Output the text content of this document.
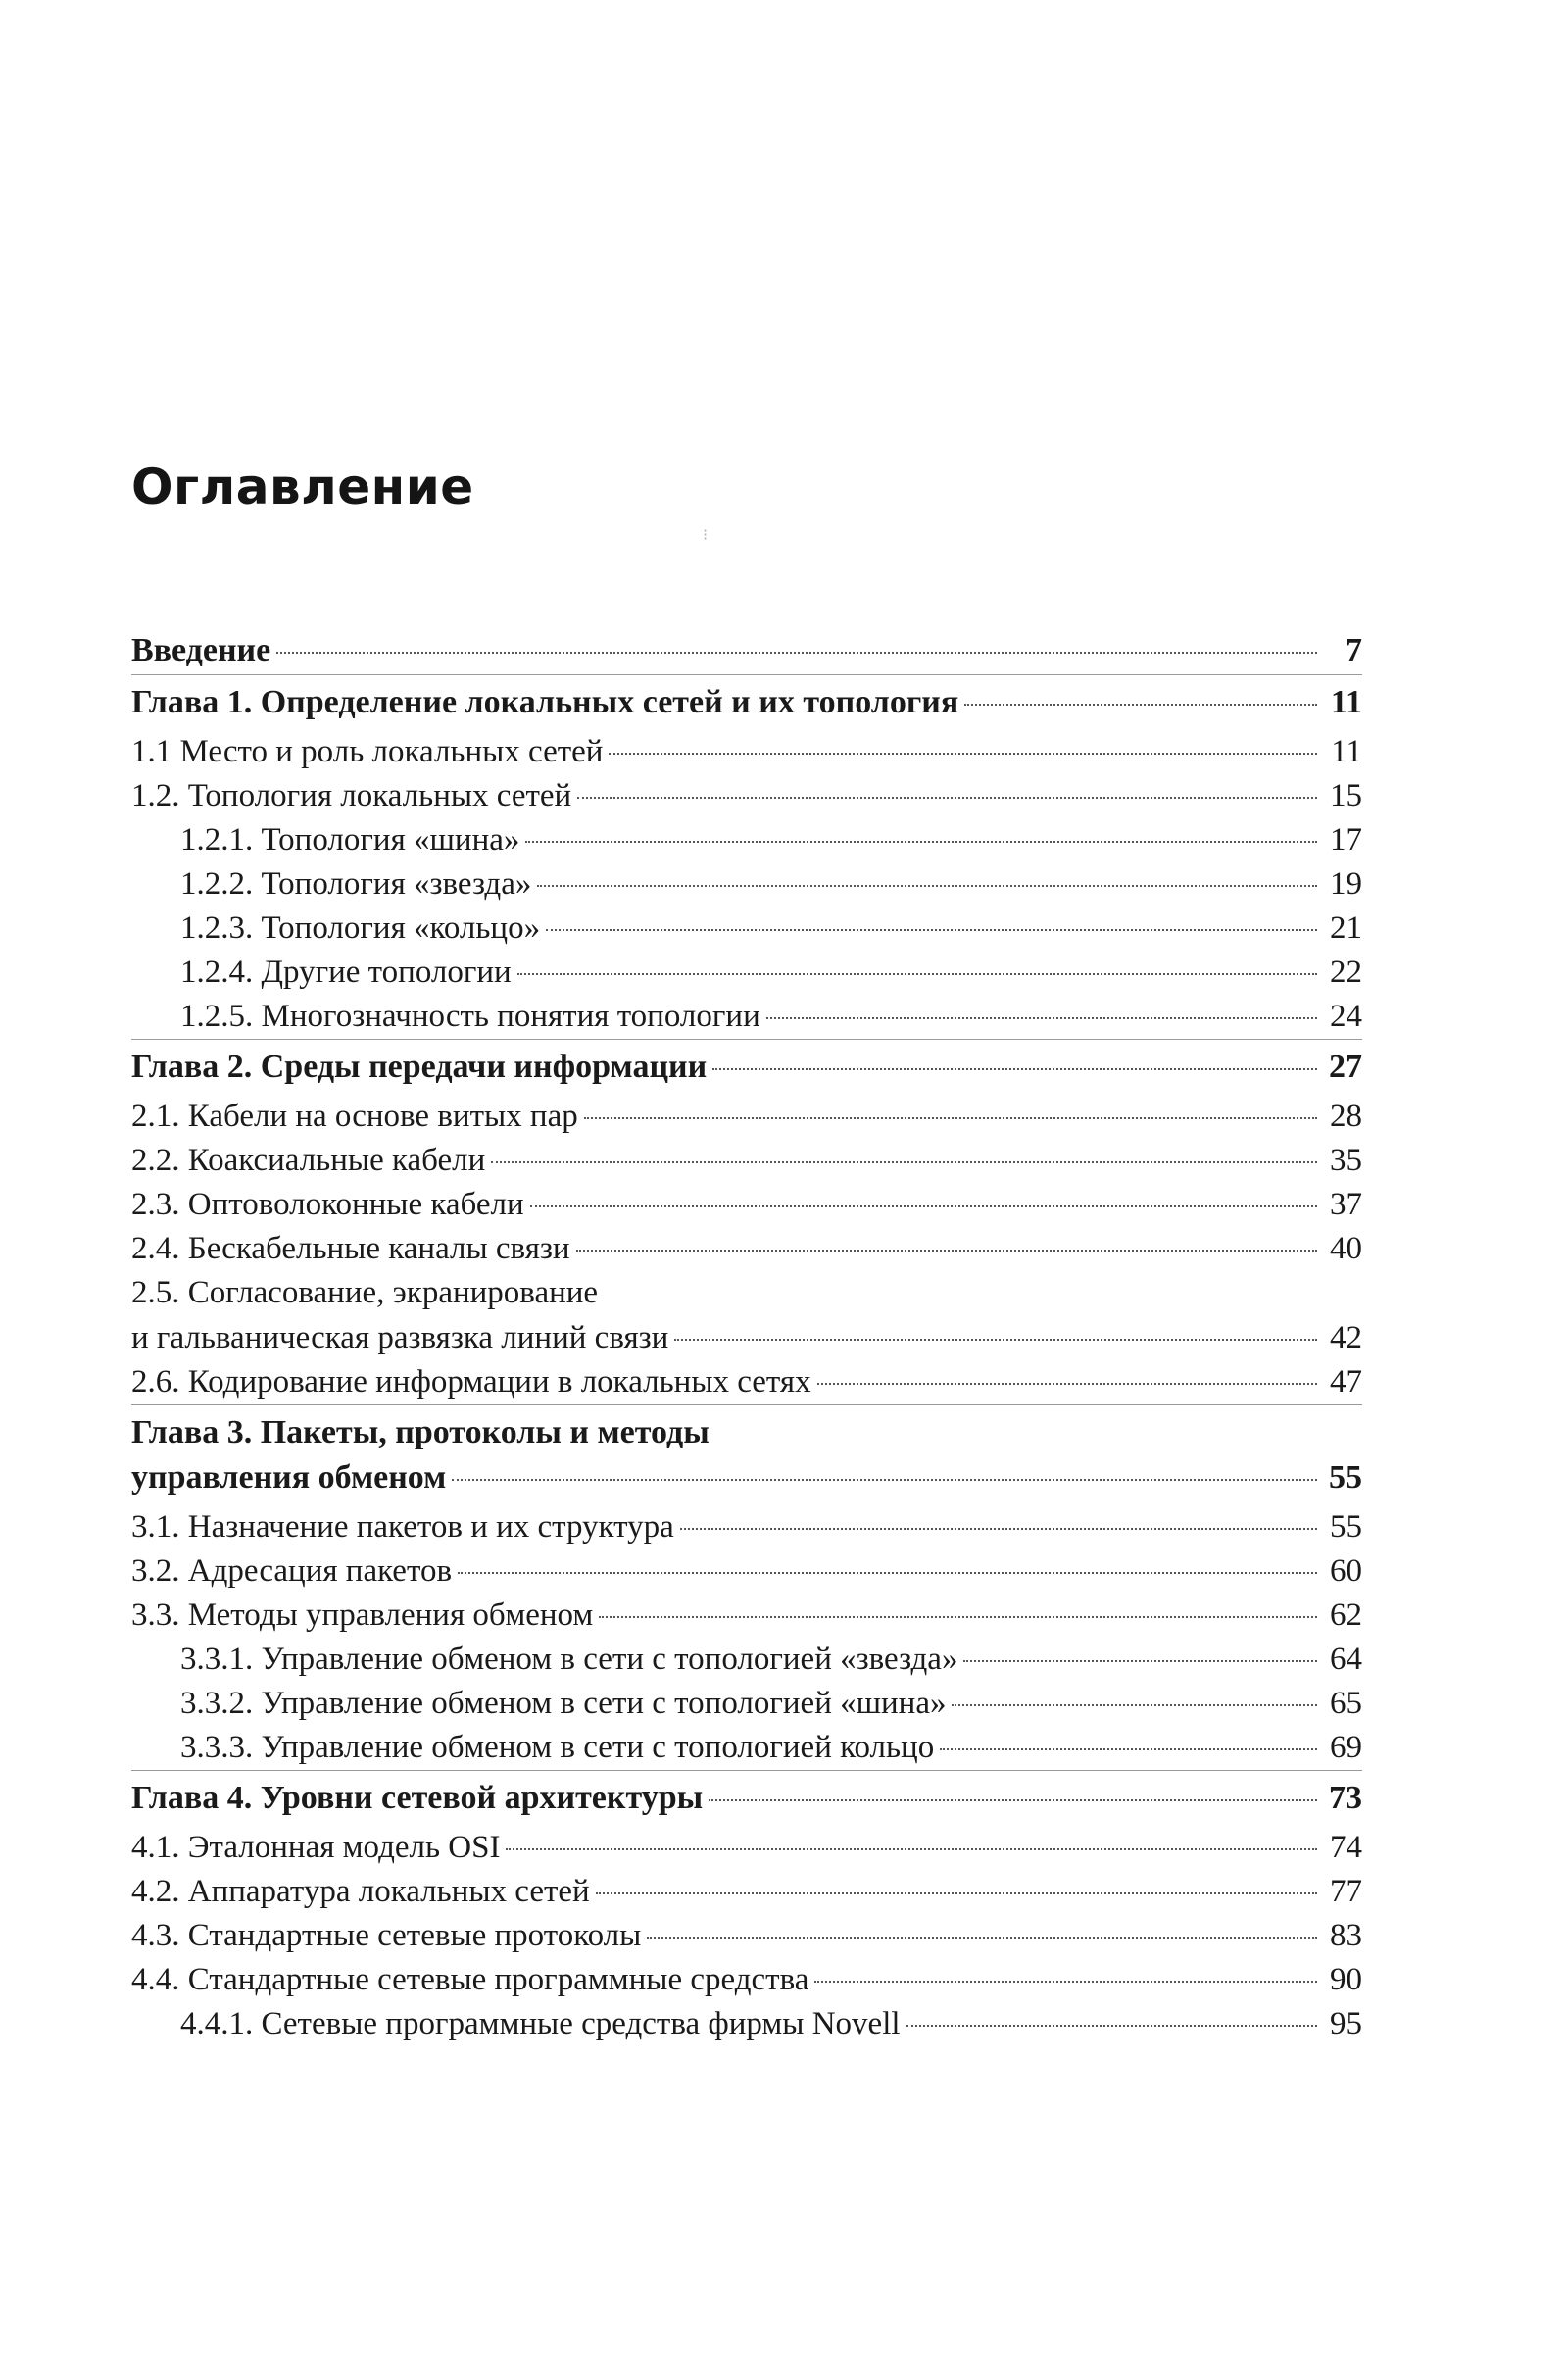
Оглавление
⁝
Введение	7
Глава 1. Определение локальных сетей и их топология	11
1.1 Место и роль локальных сетей	11
1.2. Топология локальных сетей	15
1.2.1. Топология «шина»	17
1.2.2. Топология «звезда»	19
1.2.3. Топология «кольцо»	21
1.2.4. Другие топологии	22
1.2.5. Многозначность понятия топологии	24
Глава 2. Среды передачи информации	27
2.1. Кабели на основе витых пар	28
2.2. Коаксиальные кабели	35
2.3. Оптоволоконные кабели	37
2.4. Бескабельные каналы связи	40
2.5. Согласование, экранирование
и гальваническая развязка линий связи	42
2.6. Кодирование информации в локальных сетях	47
Глава 3. Пакеты, протоколы и методы
управления обменом	55
3.1. Назначение пакетов и их структура	55
3.2. Адресация пакетов	60
3.3. Методы управления обменом	62
3.3.1. Управление обменом в сети с топологией «звезда»	64
3.3.2. Управление обменом в сети с топологией «шина»	65
3.3.3. Управление обменом в сети с топологией кольцо	69
Глава 4. Уровни сетевой архитектуры	73
4.1. Эталонная модель OSI	74
4.2. Аппаратура локальных сетей	77
4.3. Стандартные сетевые протоколы	83
4.4. Стандартные сетевые программные средства	90
4.4.1. Сетевые программные средства фирмы Novell	95
